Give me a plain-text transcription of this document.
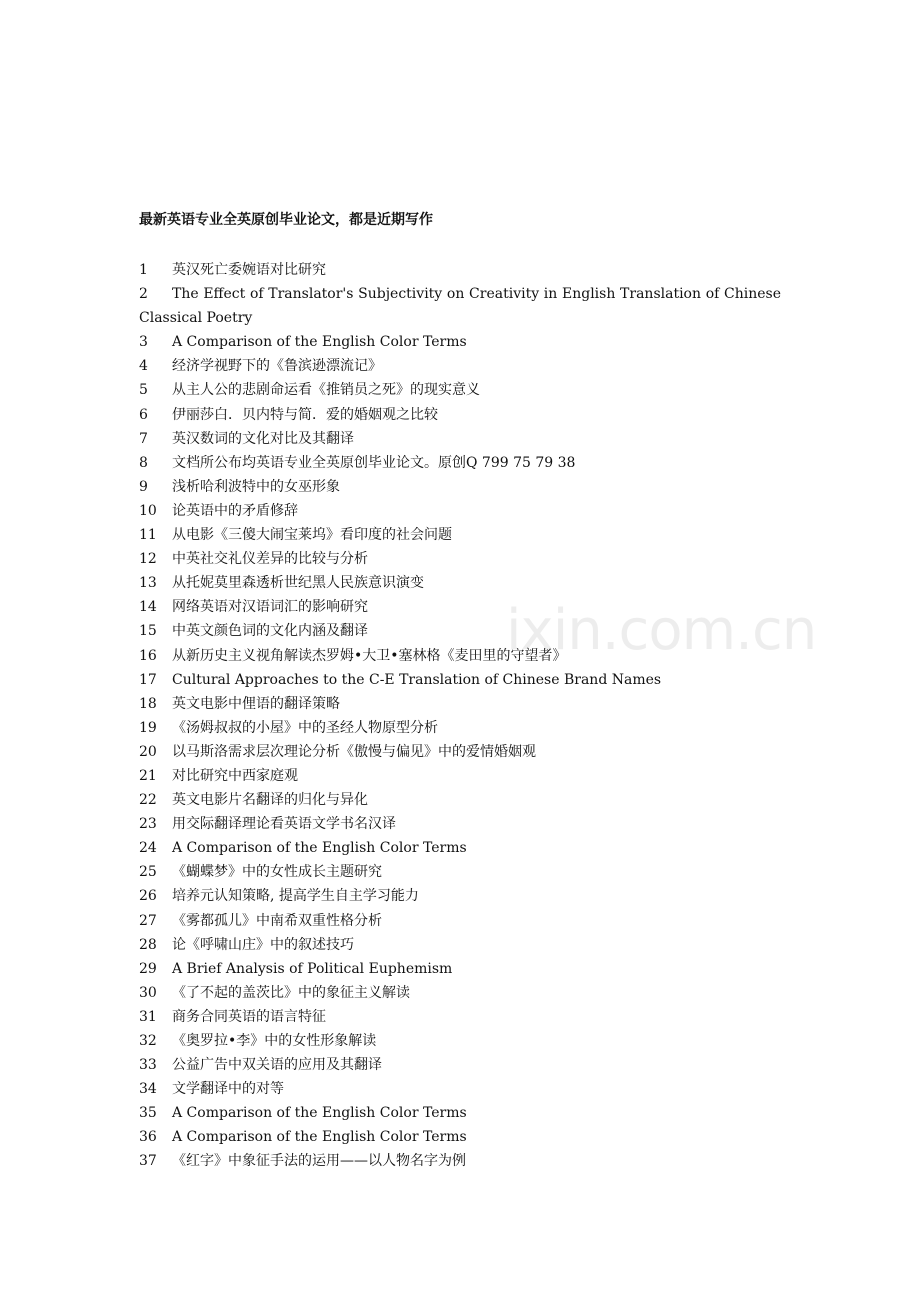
最新英语专业全英原创毕业论文，都是近期写作
1 英汉死亡委婉语对比研究
2 The Effect of Translator's Subjectivity on Creativity in English Translation of Chinese Classical Poetry
3 A Comparison of the English Color Terms
4 经济学视野下的《鲁滨逊漂流记》
5 从主人公的悲剧命运看《推销员之死》的现实意义
6 伊丽莎白．贝内特与简．爱的婚姻观之比较
7 英汉数词的文化对比及其翻译
8 文档所公布均英语专业全英原创毕业论文。原创Q 799 75 79 38
9 浅析哈利波特中的女巫形象
10 论英语中的矛盾修辞
11 从电影《三傻大闹宝莱坞》看印度的社会问题
12 中英社交礼仪差异的比较与分析
13 从托妮莫里森透析世纪黑人民族意识演变
14 网络英语对汉语词汇的影响研究
15 中英文颜色词的文化内涵及翻译
16 从新历史主义视角解读杰罗姆•大卫•塞林格《麦田里的守望者》
17 Cultural Approaches to the C-E Translation of Chinese Brand Names
18 英文电影中俚语的翻译策略
19 《汤姆叔叔的小屋》中的圣经人物原型分析
20 以马斯洛需求层次理论分析《傲慢与偏见》中的爱情婚姻观
21 对比研究中西家庭观
22 英文电影片名翻译的归化与异化
23 用交际翻译理论看英语文学书名汉译
24 A Comparison of the English Color Terms
25 《蝴蝶梦》中的女性成长主题研究
26 培养元认知策略, 提高学生自主学习能力
27 《雾都孤儿》中南希双重性格分析
28 论《呼啸山庄》中的叙述技巧
29 A Brief Analysis of Political Euphemism
30 《了不起的盖茨比》中的象征主义解读
31 商务合同英语的语言特征
32 《奥罗拉•李》中的女性形象解读
33 公益广告中双关语的应用及其翻译
34 文学翻译中的对等
35 A Comparison of the English Color Terms
36 A Comparison of the English Color Terms
37 《红字》中象征手法的运用——以人物名字为例
ixin.com.cn
